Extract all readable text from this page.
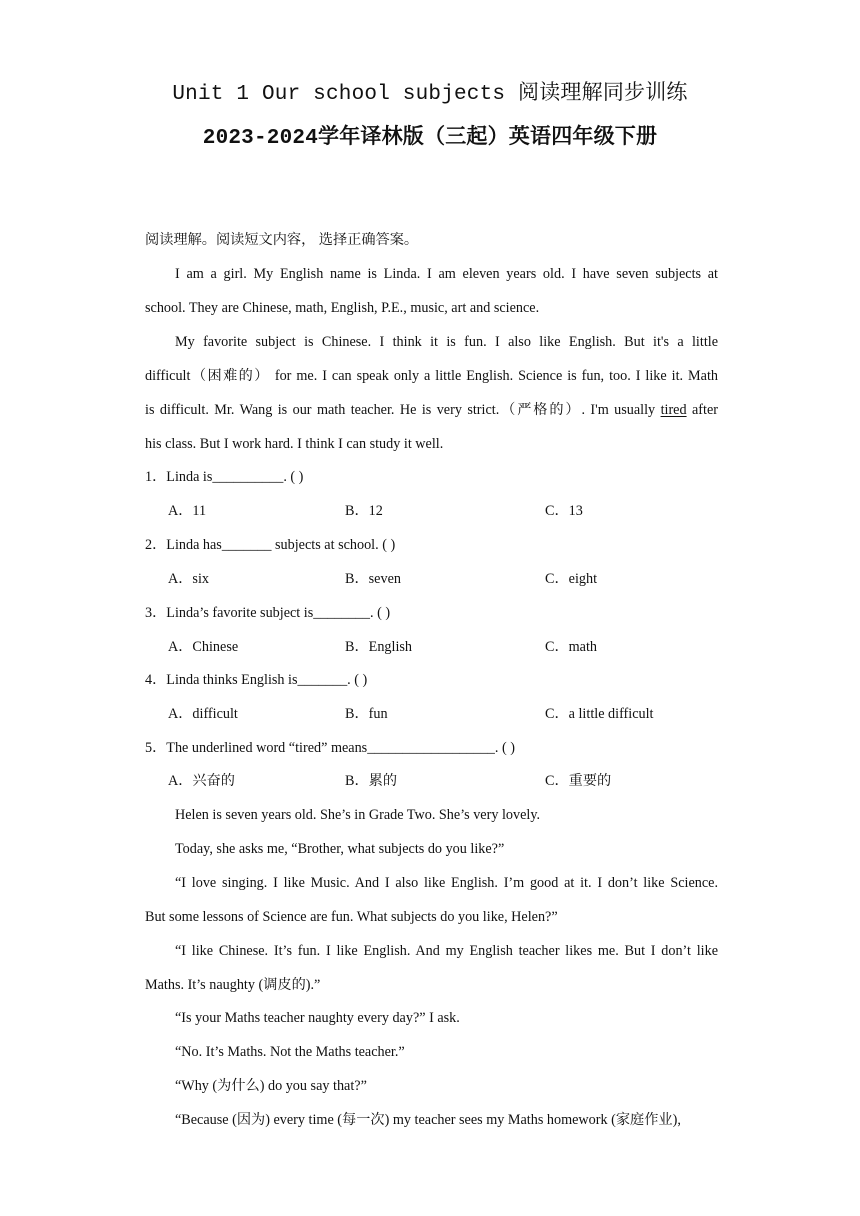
Unit 1 Our school subjects 阅读理解同步训练
2023-2024学年译林版（三起）英语四年级下册
阅读理解。阅读短文内容， 选择正确答案。
I am a girl. My English name is Linda. I am eleven years old. I have seven subjects at
school. They are Chinese, math, English, P.E., music, art and science.
My favorite subject is Chinese. I think it is fun. I also like English. But it's a little
difficult（困难的） for me. I can speak only a little English. Science is fun, too. I like it. Math
is difficult. Mr. Wang is our math teacher. He is very strict.（严格的）. I'm usually tired after
his class. But I work hard. I think I can study it well.
1．Linda is__________. ( )
A．11	B．12	C．13
2．Linda has_______ subjects at school. ( )
A．six	B．seven	C．eight
3．Linda’s favorite subject is________. ( )
A．Chinese	B．English	C．math
4．Linda thinks English is_______. ( )
A．difficult	B．fun	C．a little difficult
5．The underlined word “tired” means__________________. ( )
A．兴奋的	B．累的	C．重要的
Helen is seven years old. She’s in Grade Two. She’s very lovely.
Today, she asks me, “Brother, what subjects do you like?”
“I love singing. I like Music. And I also like English. I’m good at it. I don’t like Science.
But some lessons of Science are fun. What subjects do you like, Helen?”
“I like Chinese. It’s fun. I like English. And my English teacher likes me. But I don’t like
Maths. It’s naughty (调皮的).”
“Is your Maths teacher naughty every day?” I ask.
“No. It’s Maths. Not the Maths teacher.”
“Why (为什么) do you say that?”
“Because (因为) every time (每一次) my teacher sees my Maths homework (家庭作业),
